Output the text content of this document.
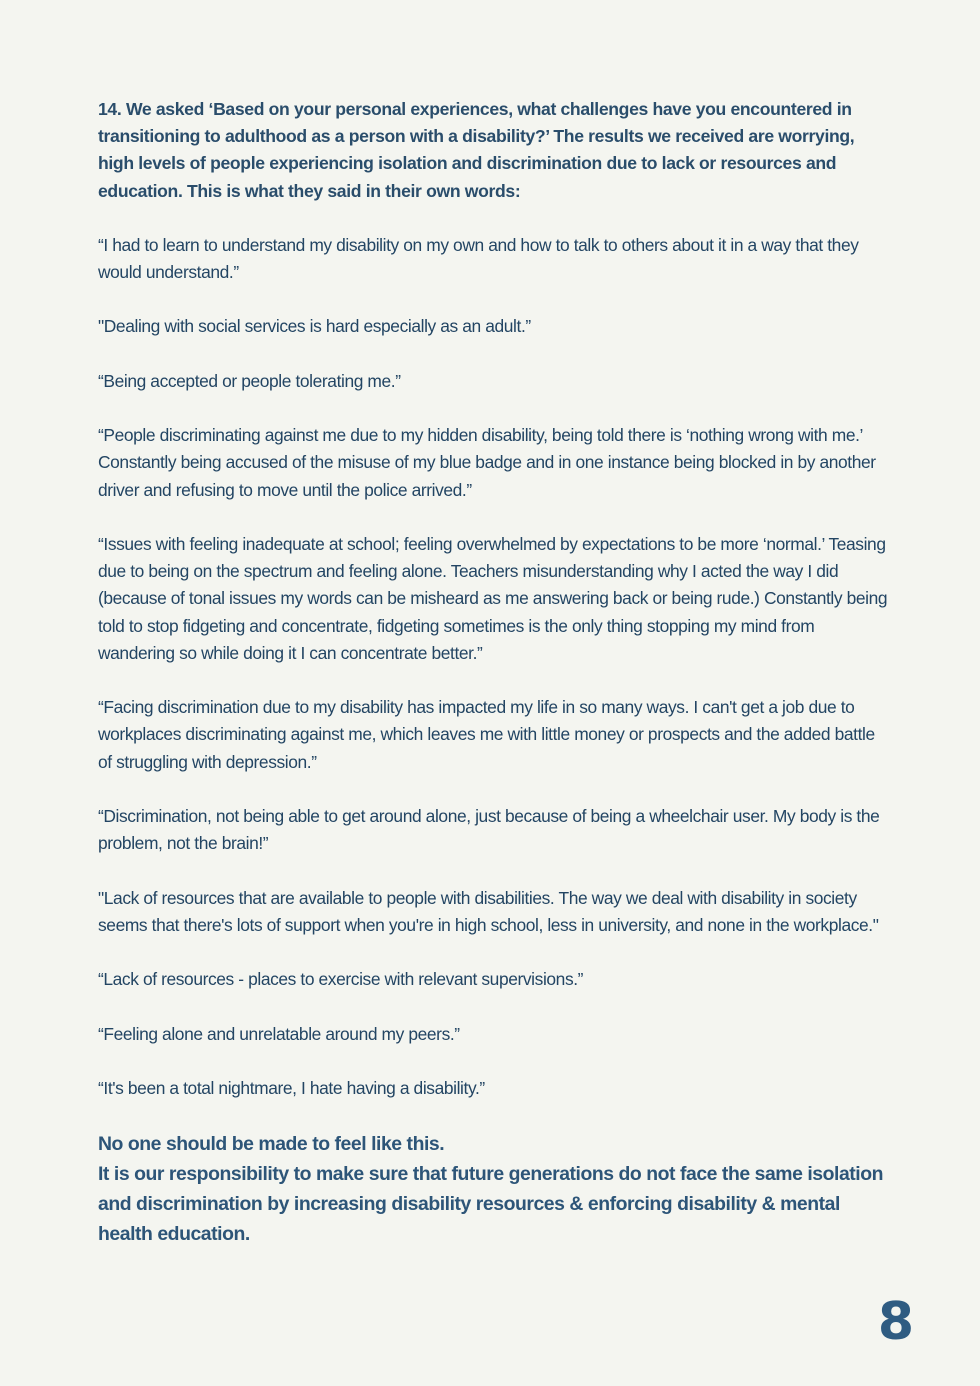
14. We asked ‘Based on your personal experiences, what challenges have you encountered in transitioning to adulthood as a person with a disability?’ The results we received are worrying, high levels of people experiencing isolation and discrimination due to lack or resources and education. This is what they said in their own words:

“I had to learn to understand my disability on my own and how to talk to others about it in a way that they would understand.”

"Dealing with social services is hard especially as an adult.”

“Being accepted or people tolerating me.”

“People discriminating against me due to my hidden disability, being told there is ‘nothing wrong with me.’ Constantly being accused of the misuse of my blue badge and in one instance being blocked in by another driver and refusing to move until the police arrived.”

“Issues with feeling inadequate at school; feeling overwhelmed by expectations to be more ‘normal.’ Teasing due to being on the spectrum and feeling alone. Teachers misunderstanding why I acted the way I did (because of tonal issues my words can be misheard as me answering back or being rude.) Constantly being told to stop fidgeting and concentrate, fidgeting sometimes is the only thing stopping my mind from wandering so while doing it I can concentrate better.”

“Facing discrimination due to my disability has impacted my life in so many ways. I can't get a job due to workplaces discriminating against me, which leaves me with little money or prospects and the added battle of struggling with depression.”

“Discrimination, not being able to get around alone, just because of being a wheelchair user. My body is the problem, not the brain!”

"Lack of resources that are available to people with disabilities. The way we deal with disability in society seems that there's lots of support when you're in high school, less in university, and none in the workplace."

“Lack of resources - places to exercise with relevant supervisions.”

“Feeling alone and unrelatable around my peers.”

“It's been a total nightmare, I hate having a disability.”

No one should be made to feel like this.
It is our responsibility to make sure that future generations do not face the same isolation and discrimination by increasing disability resources & enforcing disability & mental health education.

8
